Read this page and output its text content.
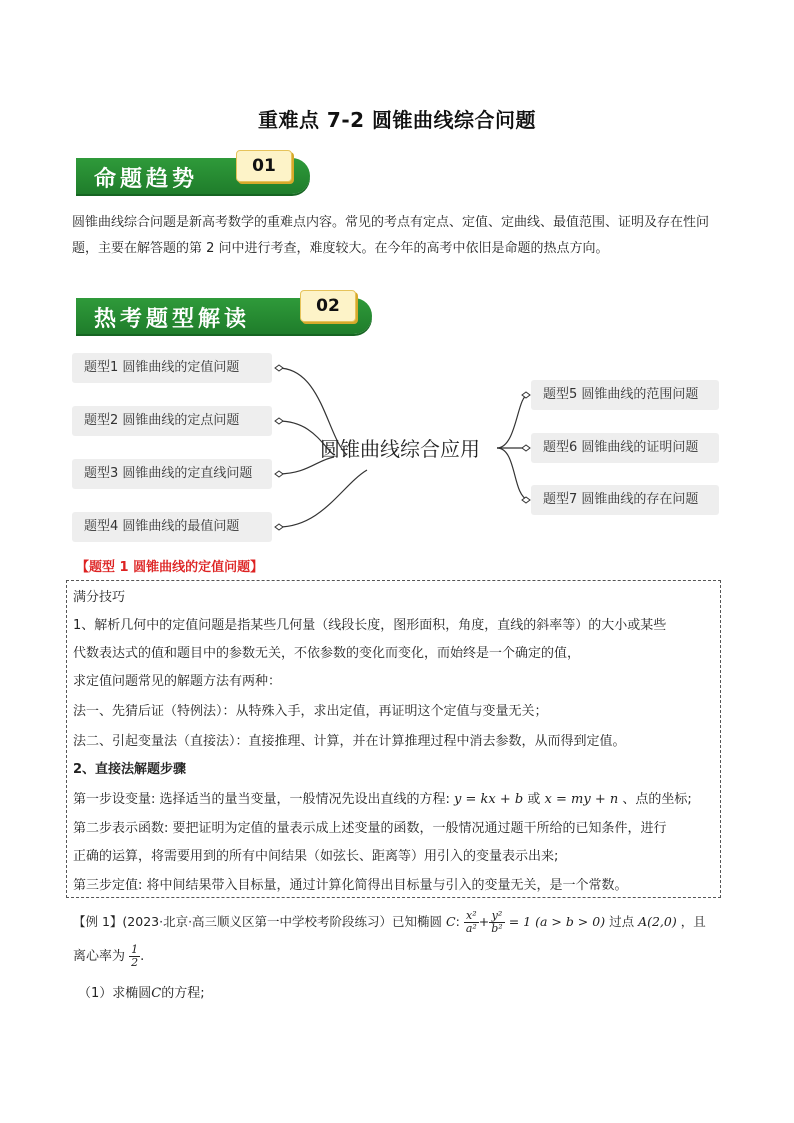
重难点 7-2 圆锥曲线综合问题
命题趋势	01
圆锥曲线综合问题是新高考数学的重难点内容。常见的考点有定点、定值、定曲线、最值范围、证明及存在性问题，主要在解答题的第 2 问中进行考查，难度较大。在今年的高考中依旧是命题的热点方向。
热考题型解读	02
题型1 圆锥曲线的定值问题
题型2 圆锥曲线的定点问题
题型3 圆锥曲线的定直线问题
题型4 圆锥曲线的最值问题
圆锥曲线综合应用
题型5 圆锥曲线的范围问题
题型6 圆锥曲线的证明问题
题型7 圆锥曲线的存在问题
【题型 1 圆锥曲线的定值问题】
满分技巧
1、解析几何中的定值问题是指某些几何量（线段长度，图形面积，角度，直线的斜率等）的大小或某些
代数表达式的值和题目中的参数无关，不依参数的变化而变化，而始终是一个确定的值，
求定值问题常见的解题方法有两种：
法一、先猜后证（特例法）：从特殊入手，求出定值，再证明这个定值与变量无关；
法二、引起变量法（直接法）：直接推理、计算，并在计算推理过程中消去参数，从而得到定值。
2、直接法解题步骤
第一步设变量: 选择适当的量当变量，一般情况先设出直线的方程: y = kx + b 或 x = my + n 、点的坐标;
第二步表示函数: 要把证明为定值的量表示成上述变量的函数，一般情况通过题干所给的已知条件，进行
正确的运算，将需要用到的所有中间结果（如弦长、距离等）用引入的变量表示出来;
第三步定值: 将中间结果带入目标量，通过计算化简得出目标量与引入的变量无关，是一个常数。
【例 1】(2023·北京·高三顺义区第一中学校考阶段练习）已知椭圆 C: $\frac{\text{x²}}{\text{a²}} + \frac{\text{y²}}{\text{b²}} = 1$ (a > b > 0) 过点 A(2,0) ，且
离心率为 $\frac{1}{2}$ .
（1）求椭圆C的方程;
